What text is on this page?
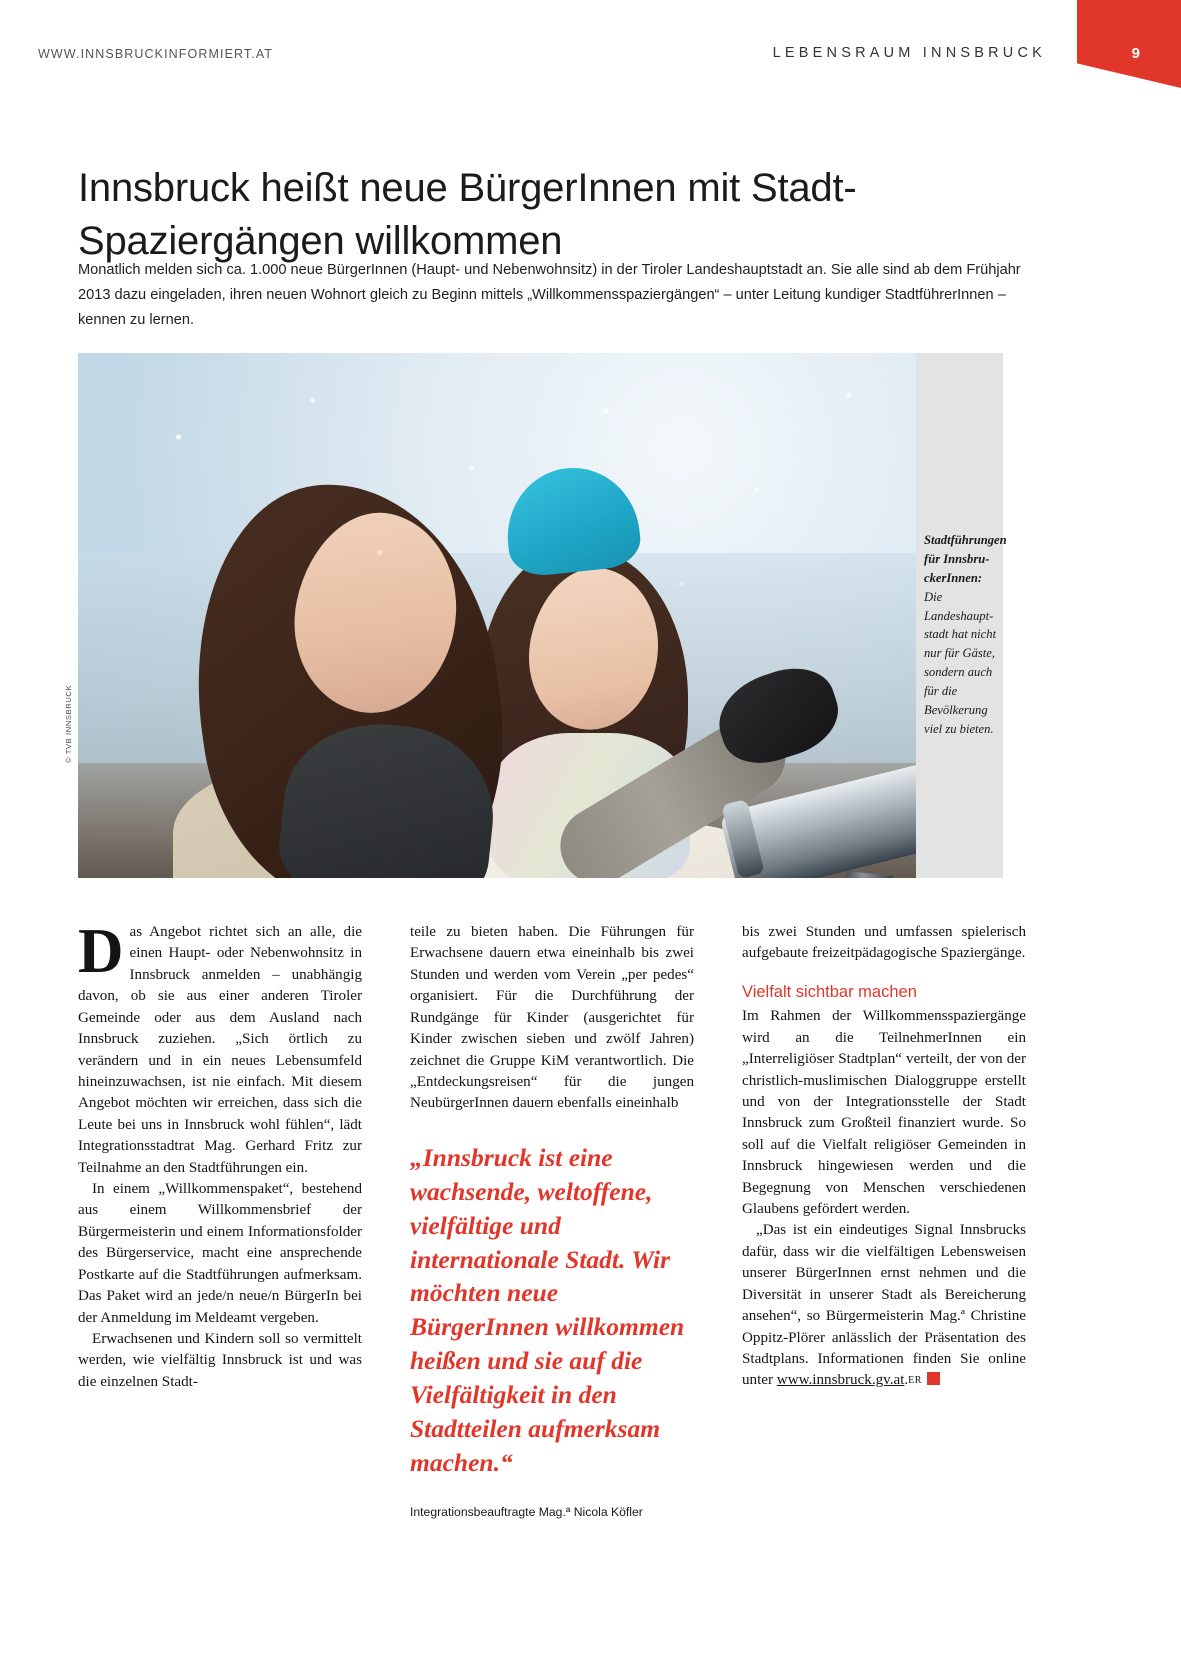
WWW.INNSBRUCKINFORMIERT.AT	LEBENSRAUM INNSBRUCK	9
Innsbruck heißt neue BürgerInnen mit Stadt-Spaziergängen willkommen
Monatlich melden sich ca. 1.000 neue BürgerInnen (Haupt- und Nebenwohnsitz) in der Tiroler Landeshauptstadt an. Sie alle sind ab dem Frühjahr 2013 dazu eingeladen, ihren neuen Wohnort gleich zu Beginn mittels „Willkommensspaziergängen“ – unter Leitung kundiger StadtführerInnen – kennen zu lernen.
Stadtführungen für InnsbruckerInnen: Die Landeshauptstadt hat nicht nur für Gäste, sondern auch für die Bevölkerung viel zu bieten.
© TVB INNSBRUCK

Das Angebot richtet sich an alle, die einen Haupt- oder Nebenwohnsitz in Innsbruck anmelden – unabhängig davon, ob sie aus einer anderen Tiroler Gemeinde oder aus dem Ausland nach Innsbruck zuziehen. „Sich örtlich zu verändern und in ein neues Lebensumfeld hineinzuwachsen, ist nie einfach. Mit diesem Angebot möchten wir erreichen, dass sich die Leute bei uns in Innsbruck wohl fühlen“, lädt Integrationsstadtrat Mag. Gerhard Fritz zur Teilnahme an den Stadtführungen ein.

In einem „Willkommenspaket“, bestehend aus einem Willkommensbrief der Bürgermeisterin und einem Informationsfolder des Bürgerservice, macht eine ansprechende Postkarte auf die Stadtführungen aufmerksam. Das Paket wird an jede/n neue/n BürgerIn bei der Anmeldung im Meldeamt vergeben.

Erwachsenen und Kindern soll so vermittelt werden, wie vielfältig Innsbruck ist und was die einzelnen Stadt-

teile zu bieten haben. Die Führungen für Erwachsene dauern etwa eineinhalb bis zwei Stunden und werden vom Verein „per pedes“ organisiert. Für die Durchführung der Rundgänge für Kinder (ausgerichtet für Kinder zwischen sieben und zwölf Jahren) zeichnet die Gruppe KiM verantwortlich. Die „Entdeckungsreisen“ für die jungen NeubürgerInnen dauern ebenfalls eineinhalb

„Innsbruck ist eine wachsende, weltoffene, vielfältige und internationale Stadt. Wir möchten neue BürgerInnen willkommen heißen und sie auf die Vielfältigkeit in den Stadtteilen aufmerksam machen.“
Integrationsbeauftragte Mag.ª Nicola Köfler

bis zwei Stunden und umfassen spielerisch aufgebaute freizeitpädagogische Spaziergänge.

Vielfalt sichtbar machen

Im Rahmen der Willkommensspaziergänge wird an die TeilnehmerInnen ein „Interreligiöser Stadtplan“ verteilt, der von der christlich-muslimischen Dialoggruppe erstellt und von der Integrationsstelle der Stadt Innsbruck zum Großteil finanziert wurde. So soll auf die Vielfalt religiöser Gemeinden in Innsbruck hingewiesen werden und die Begegnung von Menschen verschiedenen Glaubens gefördert werden.

„Das ist ein eindeutiges Signal Innsbrucks dafür, dass wir die vielfältigen Lebensweisen unserer BürgerInnen ernst nehmen und die Diversität in unserer Stadt als Bereicherung ansehen“, so Bürgermeisterin Mag.ª Christine Oppitz-Plörer anlässlich der Präsentation des Stadtplans. Informationen finden Sie online unter www.innsbruck.gv.at.ER
